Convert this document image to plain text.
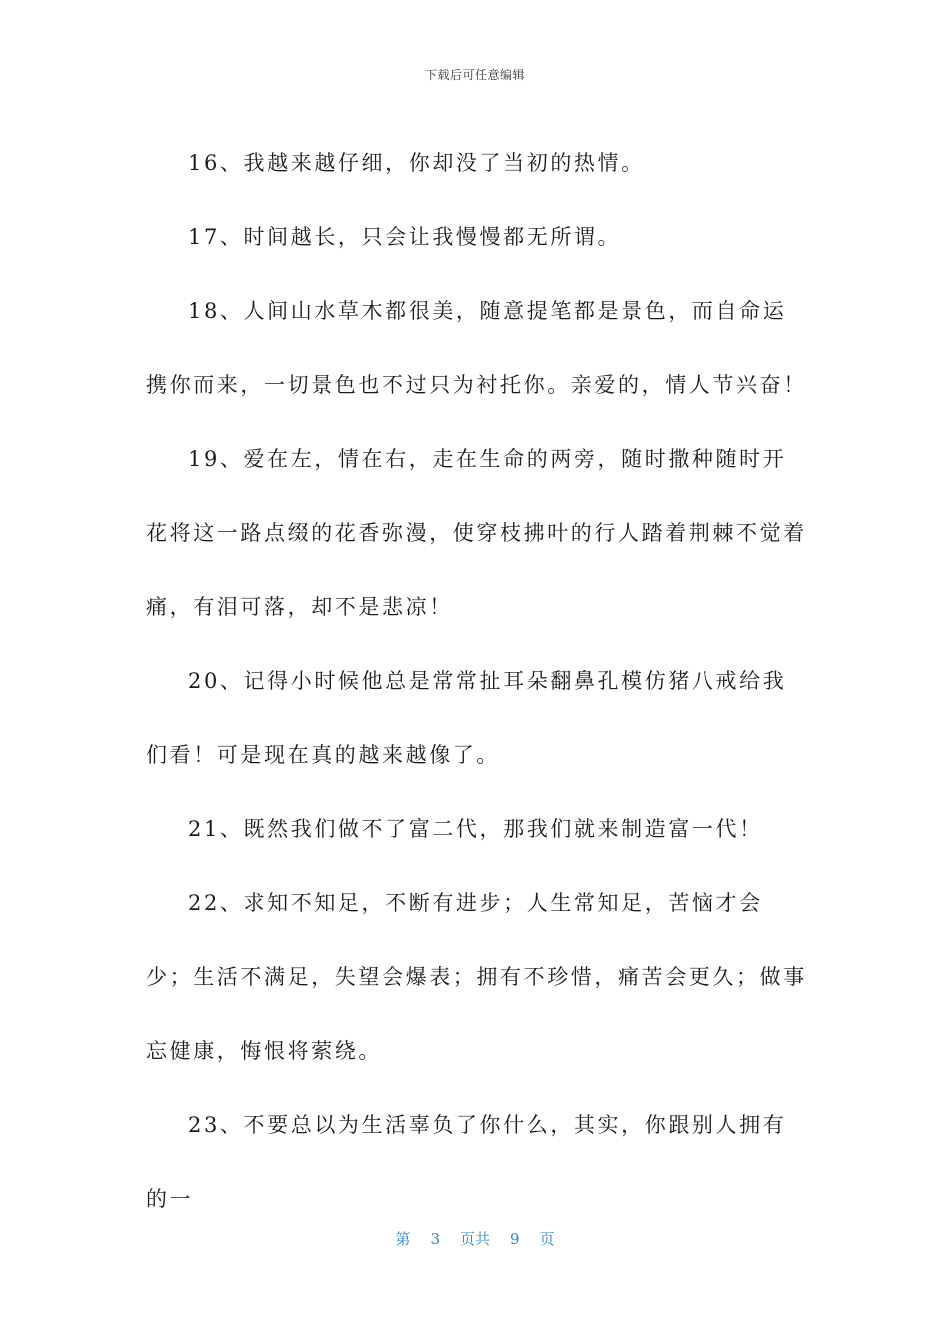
下载后可任意编辑

16、我越来越仔细，你却没了当初的热情。

17、时间越长，只会让我慢慢都无所谓。

18、人间山水草木都很美，随意提笔都是景色，而自命运携你而来，一切景色也不过只为衬托你。亲爱的，情人节兴奋！

19、爱在左，情在右，走在生命的两旁，随时撒种随时开花将这一路点缀的花香弥漫，使穿枝拂叶的行人踏着荆棘不觉着痛，有泪可落，却不是悲凉！

20、记得小时候他总是常常扯耳朵翻鼻孔模仿猪八戒给我们看！可是现在真的越来越像了。

21、既然我们做不了富二代，那我们就来制造富一代！

22、求知不知足，不断有进步；人生常知足，苦恼才会少；生活不满足，失望会爆表；拥有不珍惜，痛苦会更久；做事忘健康，悔恨将萦绕。

23、不要总以为生活辜负了你什么，其实，你跟别人拥有的一

第 3 页共 9 页
